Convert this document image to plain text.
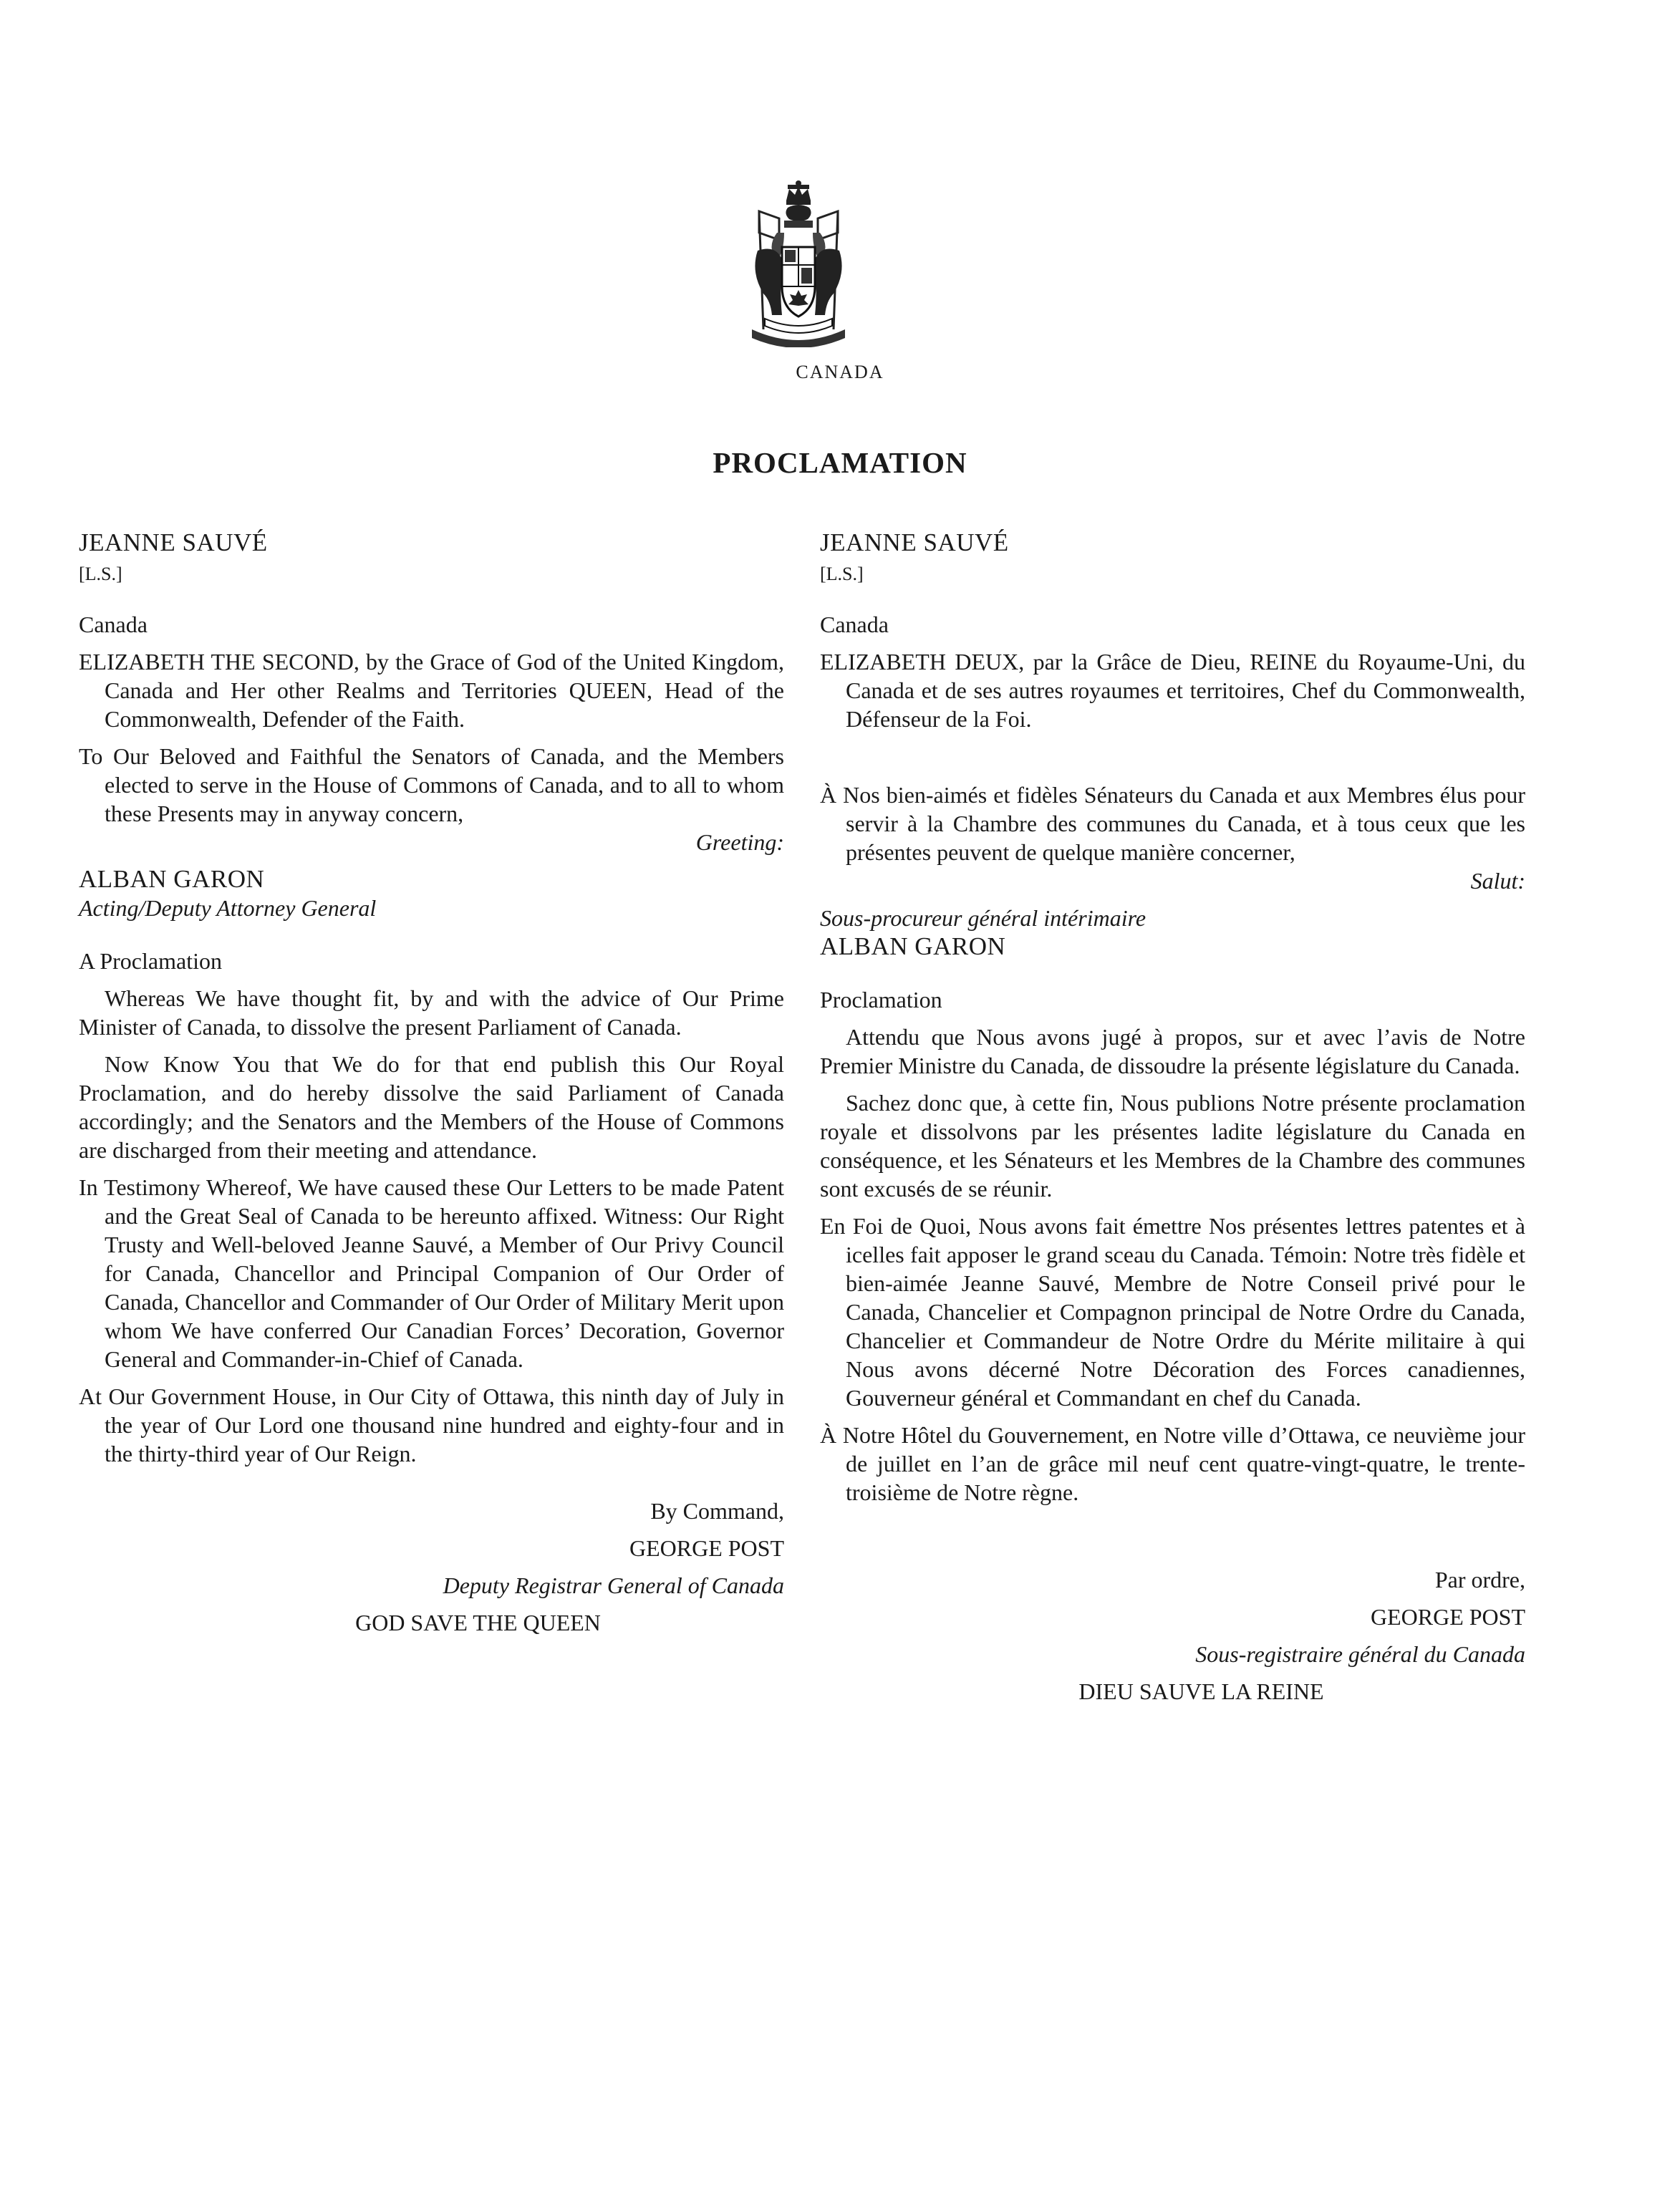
CANADA
PROCLAMATION

JEANNE SAUVÉ

[L.S.]

Canada

ELIZABETH THE SECOND, by the Grace of God of the United Kingdom, Canada and Her other Realms and Territories QUEEN, Head of the Commonwealth, Defender of the Faith.

To Our Beloved and Faithful the Senators of Canada, and the Members elected to serve in the House of Commons of Canada, and to all to whom these Presents may in anyway concern,

Greeting:

ALBAN GARON

Acting/Deputy Attorney General

A Proclamation

Whereas We have thought fit, by and with the advice of Our Prime Minister of Canada, to dissolve the present Parliament of Canada.

Now Know You that We do for that end publish this Our Royal Proclamation, and do hereby dissolve the said Parliament of Canada accordingly; and the Senators and the Members of the House of Commons are discharged from their meeting and attendance.

In Testimony Whereof, We have caused these Our Letters to be made Patent and the Great Seal of Canada to be hereunto affixed. Witness: Our Right Trusty and Well-beloved Jeanne Sauvé, a Member of Our Privy Council for Canada, Chancellor and Principal Companion of Our Order of Canada, Chancellor and Commander of Our Order of Military Merit upon whom We have conferred Our Canadian Forces’ Decoration, Governor General and Commander-in-Chief of Canada.

At Our Government House, in Our City of Ottawa, this ninth day of July in the year of Our Lord one thousand nine hundred and eighty-four and in the thirty-third year of Our Reign.

By Command,

GEORGE POST

Deputy Registrar General of Canada

GOD SAVE THE QUEEN

JEANNE SAUVÉ

[L.S.]

Canada

ELIZABETH DEUX, par la Grâce de Dieu, REINE du Royaume-Uni, du Canada et de ses autres royaumes et territoires, Chef du Commonwealth, Défenseur de la Foi.

À Nos bien-aimés et fidèles Sénateurs du Canada et aux Membres élus pour servir à la Chambre des communes du Canada, et à tous ceux que les présentes peuvent de quelque manière concerner,

Salut:

Sous-procureur général intérimaire

ALBAN GARON

Proclamation

Attendu que Nous avons jugé à propos, sur et avec l’avis de Notre Premier Ministre du Canada, de dissoudre la présente législature du Canada.

Sachez donc que, à cette fin, Nous publions Notre présente proclamation royale et dissolvons par les présentes ladite législature du Canada en conséquence, et les Sénateurs et les Membres de la Chambre des communes sont excusés de se réunir.

En Foi de Quoi, Nous avons fait émettre Nos présentes lettres patentes et à icelles fait apposer le grand sceau du Canada. Témoin: Notre très fidèle et bien-aimée Jeanne Sauvé, Membre de Notre Conseil privé pour le Canada, Chancelier et Compagnon principal de Notre Ordre du Canada, Chancelier et Commandeur de Notre Ordre du Mérite militaire à qui Nous avons décerné Notre Décoration des Forces canadiennes, Gouverneur général et Commandant en chef du Canada.

À Notre Hôtel du Gouvernement, en Notre ville d’Ottawa, ce neuvième jour de juillet en l’an de grâce mil neuf cent quatre-vingt-quatre, le trente-troisième de Notre règne.

Par ordre,

GEORGE POST

Sous-registraire général du Canada

DIEU SAUVE LA REINE
